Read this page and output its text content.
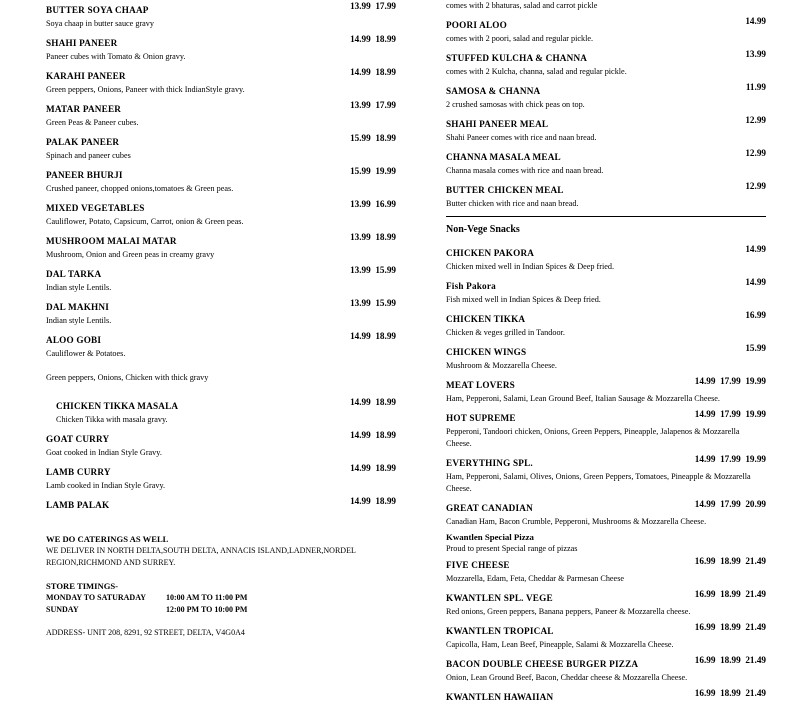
BUTTER SOYA CHAAP	13.99  17.99
Soya chaap in butter sauce gravy
SHAHI PANEER	14.99  18.99
Paneer cubes with Tomato & Onion gravy.
KARAHI PANEER	14.99  18.99
Green peppers, Onions, Paneer with thick IndianStyle gravy.
MATAR PANEER	13.99  17.99
Green Peas & Paneer cubes.
PALAK PANEER	15.99  18.99
Spinach and paneer cubes
PANEER BHURJI	15.99  19.99
Crushed paneer, chopped onions,tomatoes & Green peas.
MIXED VEGETABLES	13.99  16.99
Cauliflower, Potato, Capsicum, Carrot, onion & Green peas.
MUSHROOM MALAI MATAR	13.99  18.99
Mushroom, Onion and Green peas in creamy gravy
DAL TARKA	13.99  15.99
Indian style Lentils.
DAL MAKHNI	13.99  15.99
Indian style Lentils.
ALOO GOBI	14.99  18.99
Cauliflower & Potatoes.
Green peppers, Onions, Chicken with thick gravy
CHICKEN TIKKA MASALA	14.99  18.99
Chicken Tikka with masala gravy.
GOAT CURRY	14.99  18.99
Goat cooked in Indian Style Gravy.
LAMB CURRY	14.99  18.99
Lamb cooked in Indian Style Gravy.
LAMB PALAK	14.99  18.99
WE DO CATERINGS AS WELL
WE DELIVER IN NORTH DELTA,SOUTH DELTA, ANNACIS ISLAND,LADNER,NORDEL
REGION,RICHMOND AND SURREY.
STORE TIMINGS-
MONDAY TO SATURADAY 10:00 AM TO 11:00 PM
SUNDAY	12:00 PM TO 10:00 PM
ADDRESS- UNIT 208, 8291, 92 STREET, DELTA, V4G0A4
comes with 2 bhaturas, salad and carrot pickle
POORI ALOO	14.99
comes with 2 poori, salad and regular pickle.
STUFFED KULCHA & CHANNA	13.99
comes with 2 Kulcha, channa, salad and regular pickle.
SAMOSA & CHANNA	11.99
2 crushed samosas with chick peas on top.
SHAHI PANEER MEAL	12.99
Shahi Paneer comes with rice and naan bread.
CHANNA MASALA MEAL	12.99
Channa masala comes with rice and naan bread.
BUTTER CHICKEN MEAL	12.99
Butter chicken with rice and naan bread.
Non-Vege Snacks
CHICKEN PAKORA	14.99
Chicken mixed well in Indian Spices & Deep fried.
Fish Pakora	14.99
Fish mixed well in Indian Spices & Deep fried.
CHICKEN TIKKA	16.99
Chicken & veges grilled in Tandoor.
CHICKEN WINGS	15.99
Mushroom & Mozzarella Cheese.
MEAT LOVERS	14.99  17.99  19.99
Ham, Pepperoni, Salami, Lean Ground Beef, Italian Sausage & Mozzarella Cheese.
HOT SUPREME	14.99  17.99  19.99
Pepperoni, Tandoori chicken, Onions, Green Peppers, Pineapple, Jalapenos & Mozzarella Cheese.
EVERYTHING SPL.	14.99  17.99  19.99
Ham, Pepperoni, Salami, Olives, Onions, Green Peppers, Tomatoes, Pineapple & Mozzarella Cheese.
GREAT CANADIAN	14.99  17.99  20.99
Canadian Ham, Bacon Crumble, Pepperoni, Mushrooms & Mozzarella Cheese.
Kwantlen Special Pizza
Proud to present Special range of pizzas
FIVE CHEESE	16.99  18.99  21.49
Mozzarella, Edam, Feta, Cheddar & Parmesan Cheese
KWANTLEN SPL. VEGE	16.99  18.99  21.49
Red onions, Green peppers, Banana peppers, Paneer & Mozzarella cheese.
KWANTLEN TROPICAL	16.99  18.99  21.49
Capicolla, Ham, Lean Beef, Pineapple, Salami & Mozzarella Cheese.
BACON DOUBLE CHEESE BURGER PIZZA	16.99  18.99  21.49
Onion, Lean Ground Beef, Bacon, Cheddar cheese & Mozzarella Cheese.
KWANTLEN HAWAIIAN	16.99  18.99  21.49
